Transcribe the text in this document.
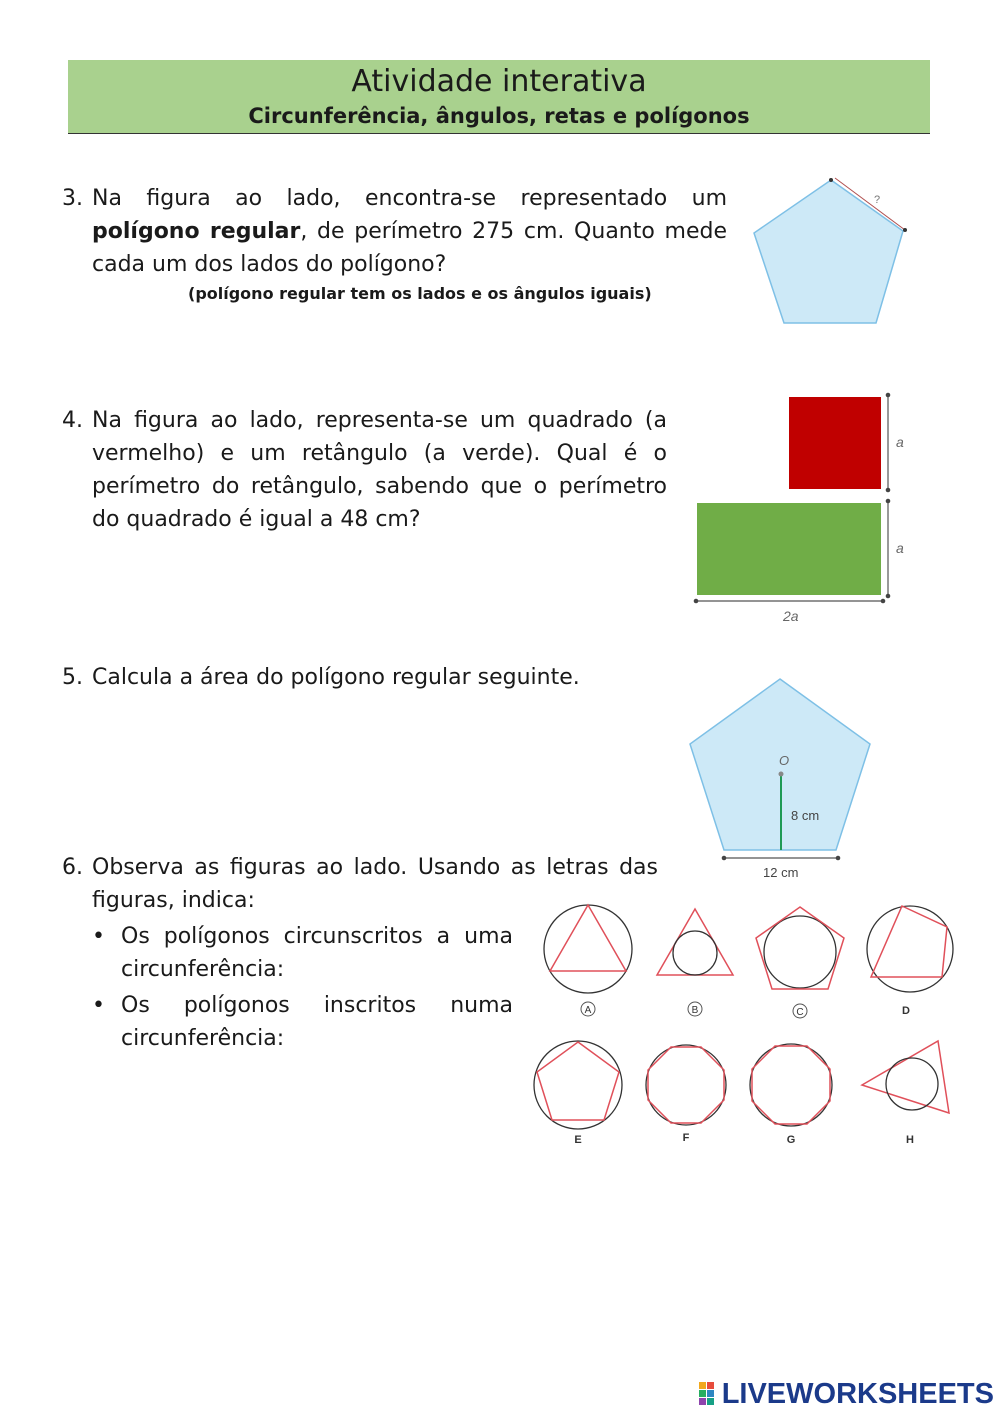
Atividade interativa
Circunferência, ângulos, retas e polígonos
3. Na figura ao lado, encontra-se representado um polígono regular, de perímetro 275 cm. Quanto mede cada um dos lados do polígono?
(polígono regular tem os lados e os ângulos iguais)
?
4. Na figura ao lado, representa-se um quadrado (a vermelho) e um retângulo (a verde). Qual é o perímetro do retângulo, sabendo que o perímetro do quadrado é igual a 48 cm?
a
a
2a
5. Calcula a área do polígono regular seguinte.
O
8 cm
12 cm
6. Observa as figuras ao lado. Usando as letras das figuras, indica:
• Os polígonos circunscritos a uma circunferência:
• Os polígonos inscritos numa circunferência:
A	B	C	D
E	F	G	H
LIVEWORKSHEETS
